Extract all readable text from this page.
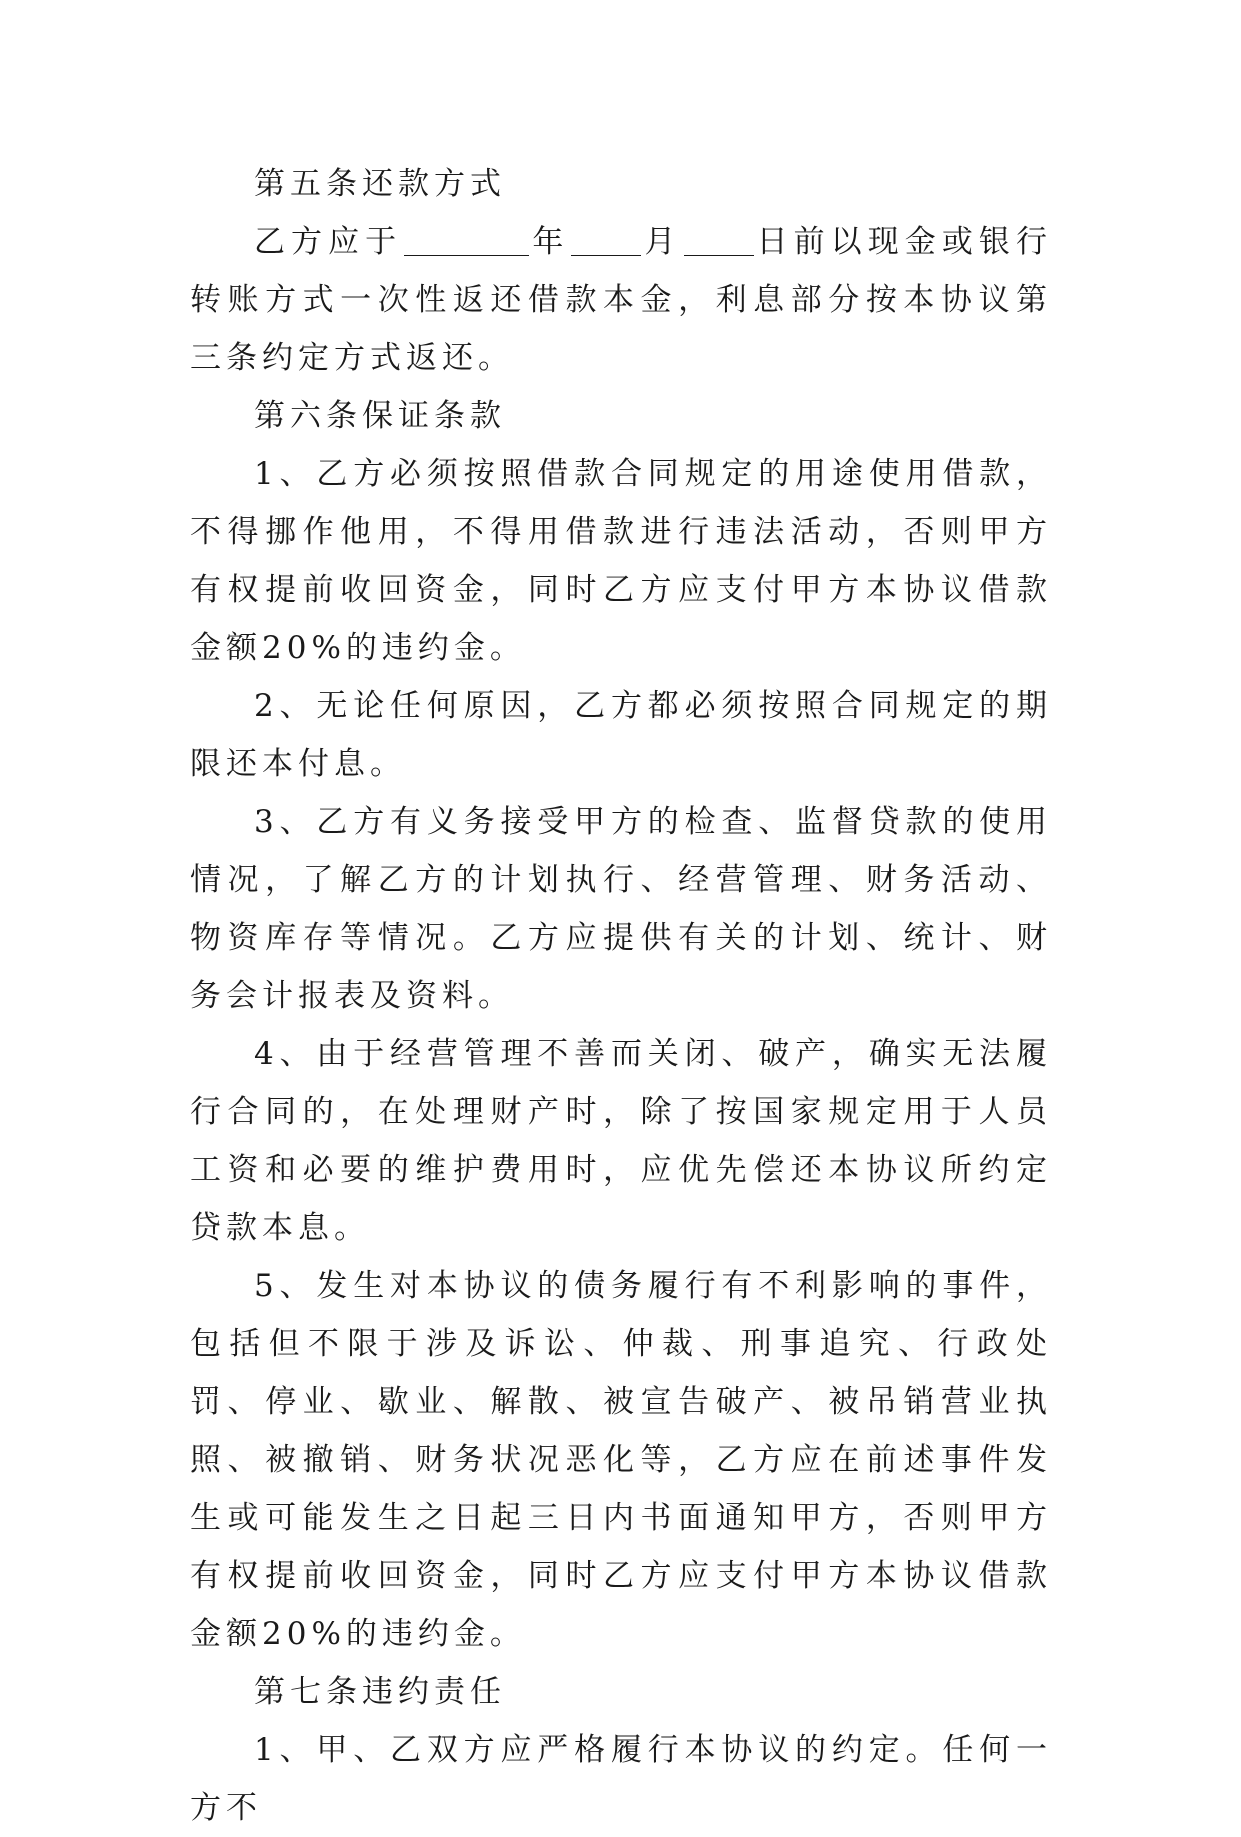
第五条还款方式

乙方应于	年 月 日前以现金或银行转账方式一次性返还借款本金，利息部分按本协议第三条约定方式返还。

第六条保证条款

1、乙方必须按照借款合同规定的用途使用借款，不得挪作他用，不得用借款进行违法活动，否则甲方有权提前收回资金，同时乙方应支付甲方本协议借款金额20%的违约金。

2、无论任何原因，乙方都必须按照合同规定的期限还本付息。

3、乙方有义务接受甲方的检查、监督贷款的使用情况，了解乙方的计划执行、经营管理、财务活动、物资库存等情况。乙方应提供有关的计划、统计、财务会计报表及资料。

4、由于经营管理不善而关闭、破产，确实无法履行合同的，在处理财产时，除了按国家规定用于人员工资和必要的维护费用时，应优先偿还本协议所约定贷款本息。

5、发生对本协议的债务履行有不利影响的事件，包括但不限于涉及诉讼、仲裁、刑事追究、行政处罚、停业、歇业、解散、被宣告破产、被吊销营业执照、被撤销、财务状况恶化等，乙方应在前述事件发生或可能发生之日起三日内书面通知甲方，否则甲方有权提前收回资金，同时乙方应支付甲方本协议借款金额20%的违约金。

第七条违约责任

1、甲、乙双方应严格履行本协议的约定。任何一方不
